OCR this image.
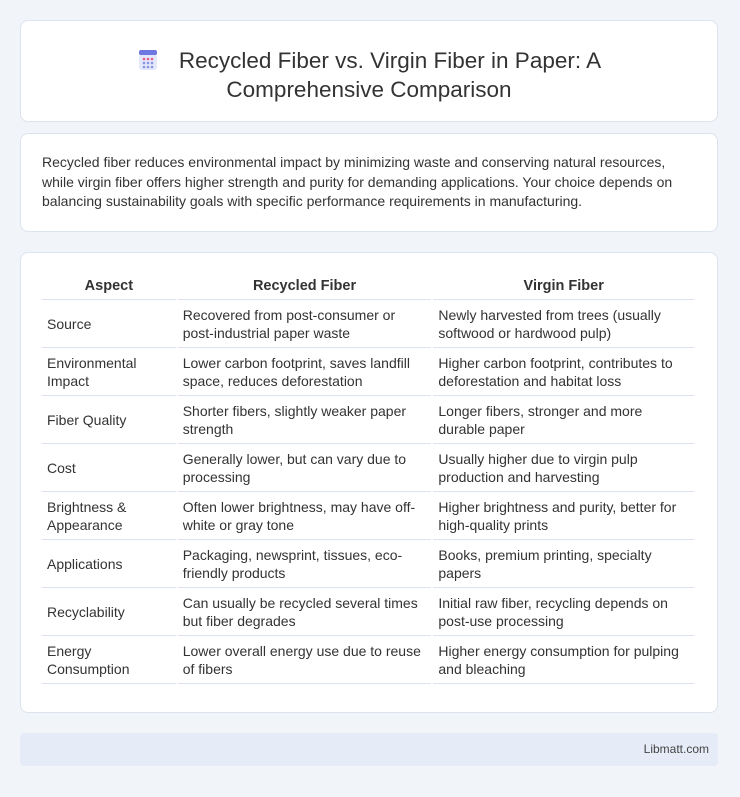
Recycled Fiber vs. Virgin Fiber in Paper: A
Comprehensive Comparison
Recycled fiber reduces environmental impact by minimizing waste and conserving natural resources, while virgin fiber offers higher strength and purity for demanding applications. Your choice depends on balancing sustainability goals with specific performance requirements in manufacturing.
Aspect	Recycled Fiber	Virgin Fiber
Source	Recovered from post-consumer or post-industrial paper waste	Newly harvested from trees (usually softwood or hardwood pulp)
Environmental Impact	Lower carbon footprint, saves landfill space, reduces deforestation	Higher carbon footprint, contributes to deforestation and habitat loss
Fiber Quality	Shorter fibers, slightly weaker paper strength	Longer fibers, stronger and more durable paper
Cost	Generally lower, but can vary due to processing	Usually higher due to virgin pulp production and harvesting
Brightness & Appearance	Often lower brightness, may have off-white or gray tone	Higher brightness and purity, better for high-quality prints
Applications	Packaging, newsprint, tissues, eco-friendly products	Books, premium printing, specialty papers
Recyclability	Can usually be recycled several times but fiber degrades	Initial raw fiber, recycling depends on post-use processing
Energy Consumption	Lower overall energy use due to reuse of fibers	Higher energy consumption for pulping and bleaching
Libmatt.com
